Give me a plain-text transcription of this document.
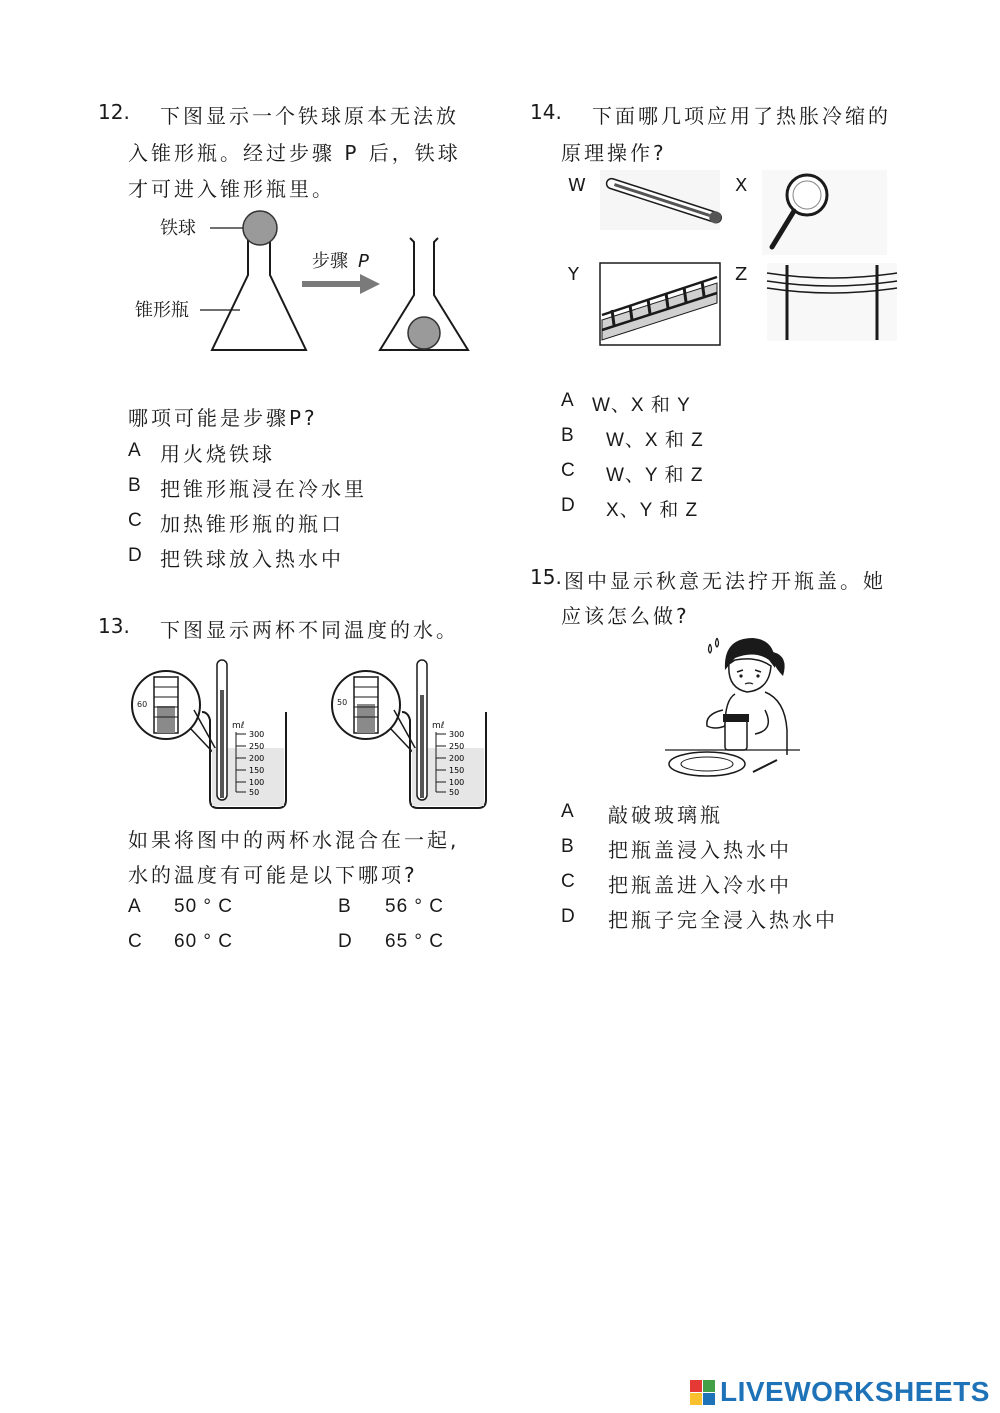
12. 下图显示一个铁球原本无法放
入锥形瓶。经过步骤 P 后，铁球
才可进入锥形瓶里。
铁球
锥形瓶
步骤 P
哪项可能是步骤P?
A 用火烧铁球
B 把锥形瓶浸在冷水里
C 加热锥形瓶的瓶口
D 把铁球放入热水中
13. 下图显示两杯不同温度的水。
60
mℓ
300
250
200
150
100
50
50
mℓ
300
250
200
150
100
50
如果将图中的两杯水混合在一起,
水的温度有可能是以下哪项?
A 50 ° C	B 56 ° C
C 60 ° C	D 65 ° C
14. 下面哪几项应用了热胀冷缩的
原理操作?
W	X
Y	Z
A W、X 和 Y
B W、X 和 Z
C W、Y 和 Z
D X、Y 和 Z
15. 图中显示秋意无法拧开瓶盖。她
应该怎么做?
A 敲破玻璃瓶
B 把瓶盖浸入热水中
C 把瓶盖进入冷水中
D 把瓶子完全浸入热水中
LIVEWORKSHEETS
